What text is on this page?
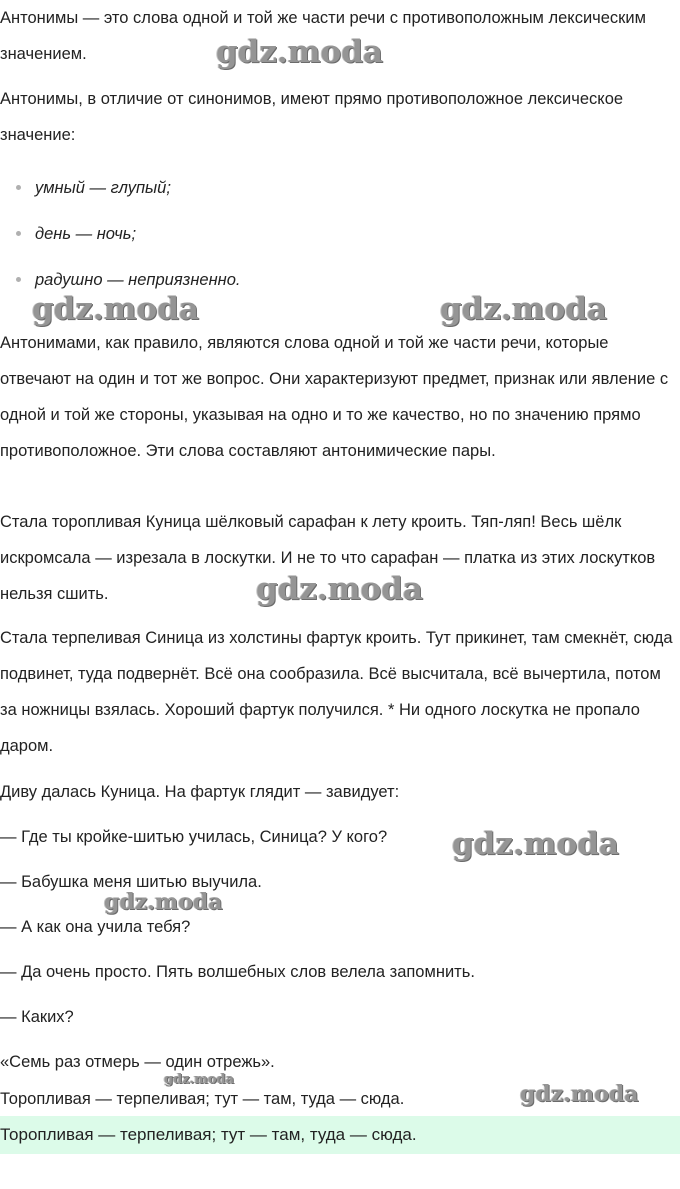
Антонимы — это слова одной и той же части речи с противоположным лексическим значением.

Антонимы, в отличие от синонимов, имеют прямо противоположное лексическое значение:

умный — глупый;
день — ночь;
радушно — неприязненно.

Антонимами, как правило, являются слова одной и той же части речи, которые отвечают на один и тот же вопрос. Они характеризуют предмет, признак или явление с одной и той же стороны, указывая на одно и то же качество, но по значению прямо противоположное. Эти слова составляют антонимические пары.

Стала торопливая Куница шёлковый сарафан к лету кроить. Тяп-ляп! Весь шёлк искромсала — изрезала в лоскутки. И не то что сарафан — платка из этих лоскутков нельзя сшить.

Стала терпеливая Синица из холстины фартук кроить. Тут прикинет, там смекнёт, сюда подвинет, туда подвернёт. Всё она сообразила. Всё высчитала, всё вычертила, потом за ножницы взялась. Хороший фартук получился. * Ни одного лоскутка не пропало даром.

Диву далась Куница. На фартук глядит — завидует:

— Где ты кройке-шитью училась, Синица? У кого?

— Бабушка меня шитью выучила.

— А как она учила тебя?

— Да очень просто. Пять волшебных слов велела запомнить.

— Каких?

«Семь раз отмерь — один отрежь».

Торопливая — терпеливая; тут — там, туда — сюда.

Торопливая — терпеливая; тут — там, туда — сюда.

gdz.moda
gdz.moda	gdz.moda
gdz.moda
gdz.moda
gdz.moda
gdz.moda
gdz.moda
